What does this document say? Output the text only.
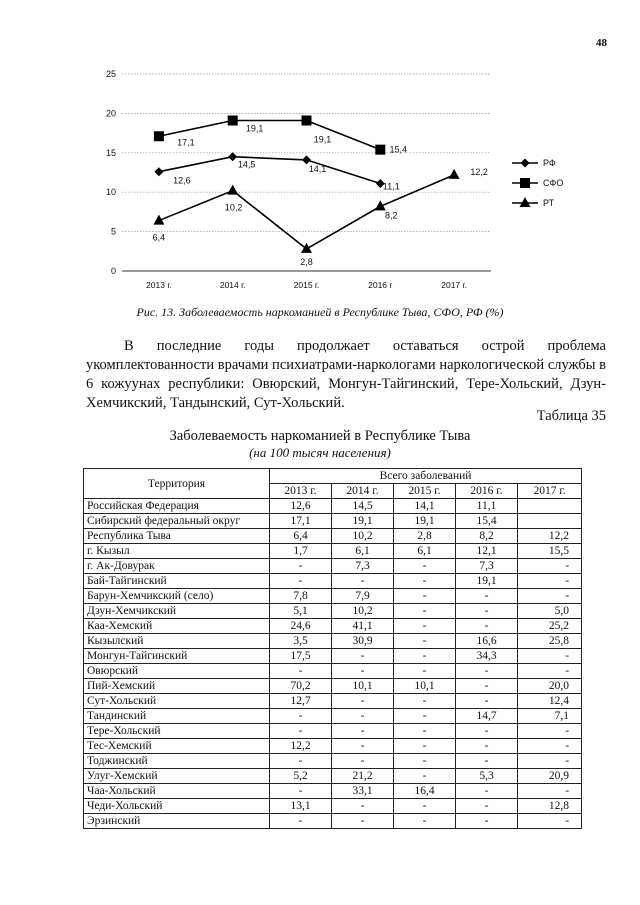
48
0
5
10
15
20
25
2013 г.	2014 г.	2015 г.	2016 г	2017 г.
12,6
14,5	14,1
11,1
17,1
19,1
19,1
15,4
6,4
10,2
2,8
8,2
12,2
РФ
СФО
РТ
Рис. 13. Заболеваемость наркоманией в Республике Тыва, СФО, РФ (%)

В последние годы продолжает оставаться острой проблема укомплектованности врачами психиатрами-наркологами наркологической службы в 6 кожуунах республики: Овюрский, Монгун-Тайгинский, Тере-Хольский, Дзун-Хемчикский, Тандынский, Сут-Хольский.

Таблица 35
Заболеваемость наркоманией в Республике Тыва
(на 100 тысяч населения)
Территория	Всего заболеваний				
	2013 г.	2014 г.	2015 г.	2016 г.	2017 г.
Российская Федерация	12,6	14,5	14,1	11,1	
Сибирский федеральный округ	17,1	19,1	19,1	15,4	
Республика Тыва	6,4	10,2	2,8	8,2	12,2
г. Кызыл	1,7	6,1	6,1	12,1	15,5
г. Ак-Довурак	-	7,3	-	7,3	-
Бай-Тайгинский	-	-	-	19,1	-
Барун-Хемчикский (село)	7,8	7,9	-	-	-
Дзун-Хемчикский	5,1	10,2	-	-	5,0
Каа-Хемский	24,6	41,1	-	-	25,2
Кызылский	3,5	30,9	-	16,6	25,8
Монгун-Тайгинский	17,5	-	-	34,3	-
Овюрский	-	-	-	-	-
Пий-Хемский	70,2	10,1	10,1	-	20,0
Сут-Хольский	12,7	-	-	-	12,4
Тандинский	-	-	-	14,7	7,1
Тере-Хольский	-	-	-	-	-
Тес-Хемский	12,2	-	-	-	-
Тоджинский	-	-	-	-	-
Улуг-Хемский	5,2	21,2	-	5,3	20,9
Чаа-Хольский	-	33,1	16,4	-	-
Чеди-Хольский	13,1	-	-	-	12,8
Эрзинский	-	-	-	-	-
